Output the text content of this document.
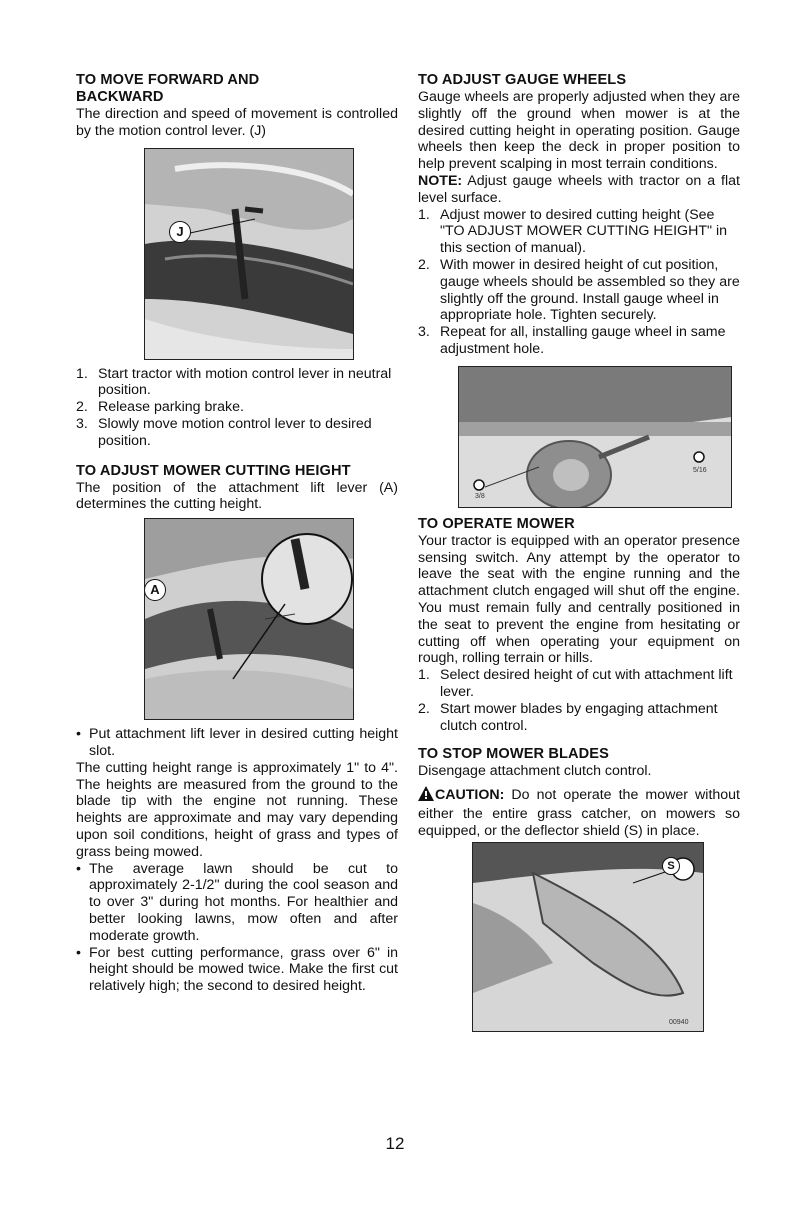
TO MOVE FORWARD AND
BACKWARD

The direction and speed of movement is controlled by the motion control lever. (J)

J
1. Start tractor with motion control lever in neutral position.
2. Release parking brake.
3. Slowly move motion control lever to desired position.
TO ADJUST MOWER CUTTING HEIGHT

The position of the attachment lift lever (A) determines the cutting height.

A
• Put attachment lift lever in desired cutting height slot.

The cutting height range is approximately 1" to 4". The heights are measured from the ground to the blade tip with the engine not running. These heights are approximate and may vary depending upon soil conditions, height of grass and types of grass being mowed.

• The average lawn should be cut to approximately 2-1/2" during the cool season and to over 3" during hot months. For healthier and better looking lawns, mow often and after moderate growth.
• For best cutting performance, grass over 6" in height should be mowed twice. Make the first cut relatively high; the second to desired height.
TO ADJUST GAUGE WHEELS

Gauge wheels are properly adjusted when they are slightly off the ground when mower is at the desired cutting height in operating position. Gauge wheels then keep the deck in proper position to help prevent scalping in most terrain conditions.

NOTE: Adjust gauge wheels with tractor on a flat level surface.

1. Adjust mower to desired cutting height (See "TO ADJUST MOWER CUTTING HEIGHT" in this section of manual).
2. With mower in desired height of cut position, gauge wheels should be assembled so they are slightly off the ground. Install gauge wheel in appropriate hole. Tighten securely.
3. Repeat for all, installing gauge wheel in same adjustment hole.
5/16
3/8
TO OPERATE MOWER

Your tractor is equipped with an operator presence sensing switch. Any attempt by the operator to leave the seat with the engine running and the attachment clutch engaged will shut off the engine. You must remain fully and centrally positioned in the seat to prevent the engine from hesitating or cutting off when operating your equipment on rough, rolling terrain or hills.

1. Select desired height of cut with attachment lift lever.
2. Start mower blades by engaging attachment clutch control.
TO STOP MOWER BLADES

Disengage attachment clutch control.

CAUTION: Do not operate the mower without either the entire grass catcher, on mowers so equipped, or the deflector shield (S) in place.

S
00940
12
